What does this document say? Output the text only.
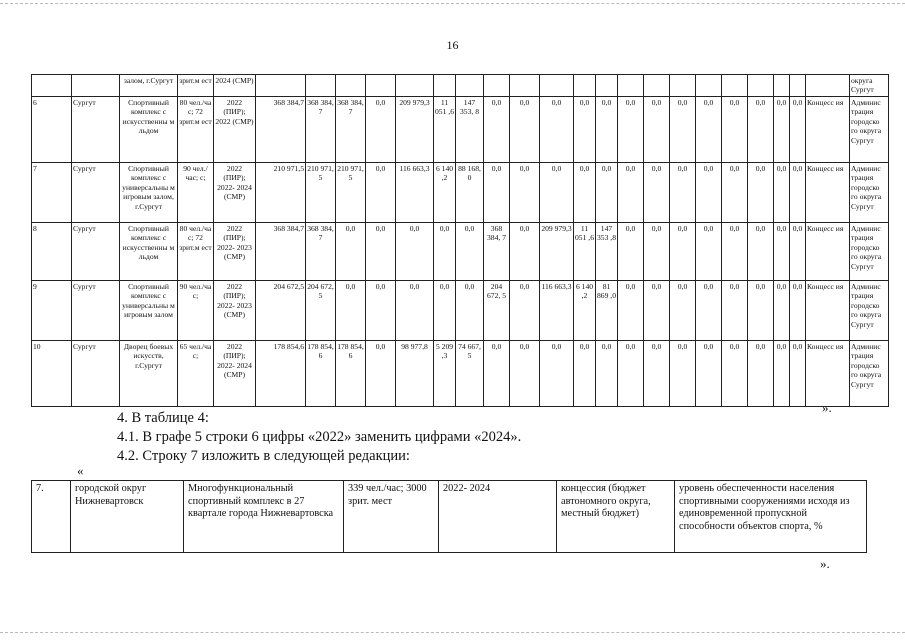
16
		залом, г.Сургут	зрит.м ест	2024 (СМР)																						округа Сургут
6	Сургут	Спортивный комплекс с искусственны м льдом	80 чел./ча с; 72 зрит.м ест	2022 (ПИР); 2022 (СМР)	368 384,7	368 384, 7	368 384, 7	0,0	209 979,3	11 051 ,6	147 353, 8	0,0	0,0	0,0	0,0	0,0	0,0	0,0	0,0	0,0	0,0	0,0	0,0	0,0	Концесс ия	Админис трация городско го округа Сургут
7	Сургут	Спортивный комплекс с универсальны м игровым залом, г.Сургут	90 чел./час; с;	2022 (ПИР); 2022- 2024 (СМР)	210 971,5	210 971, 5	210 971, 5	0,0	116 663,3	6 140 ,2	88 168, 0	0,0	0,0	0,0	0,0	0,0	0,0	0,0	0,0	0,0	0,0	0,0	0,0	0,0	Концесс ия	Админис трация городско го округа Сургут
8	Сургут	Спортивный комплекс с искусственны м льдом	80 чел./ча с; 72 зрит.м ест	2022 (ПИР); 2022- 2023 (СМР)	368 384,7	368 384, 7	0,0	0,0	0,0	0,0	0,0	368 384, 7	0,0	209 979,3	11 051 ,6	147 353 ,8	0,0	0,0	0,0	0,0	0,0	0,0	0,0	0,0	Концесс ия	Админис трация городско го округа Сургут
9	Сургут	Спортивный комплекс с универсальны м игровым залом	90 чел./ча с;	2022 (ПИР); 2022- 2023 (СМР)	204 672,5	204 672, 5	0,0	0,0	0,0	0,0	0,0	204 672, 5	0,0	116 663,3	6 140 ,2	81 869 ,0	0,0	0,0	0,0	0,0	0,0	0,0	0,0	0,0	Концесс ия	Админис трация городско го округа Сургут
10	Сургут	Дворец боевых искусств, г.Сургут	65 чел./ча с;	2022 (ПИР); 2022- 2024 (СМР)	178 854,6	178 854, 6	178 854, 6	0,0	98 977,8	5 209 ,3	74 667, 5	0,0	0,0	0,0	0,0	0,0	0,0	0,0	0,0	0,0	0,0	0,0	0,0	0,0	Концесс ия	Админис трация городско го округа Сургут
».
4. В таблице 4:
4.1. В графе 5 строки 6 цифры «2022» заменить цифрами «2024».
4.2. Строку 7 изложить в следующей редакции:
«
7.	городской округ Нижневартовск	Многофункциональный спортивный комплекс в 27 квартале города Нижневартовска	339 чел./час; 3000 зрит. мест	2022- 2024	концессия (бюджет автономного округа, местный бюджет)	уровень обеспеченности населения спортивными сооружениями исходя из единовременной пропускной способности объектов спорта, %
».
